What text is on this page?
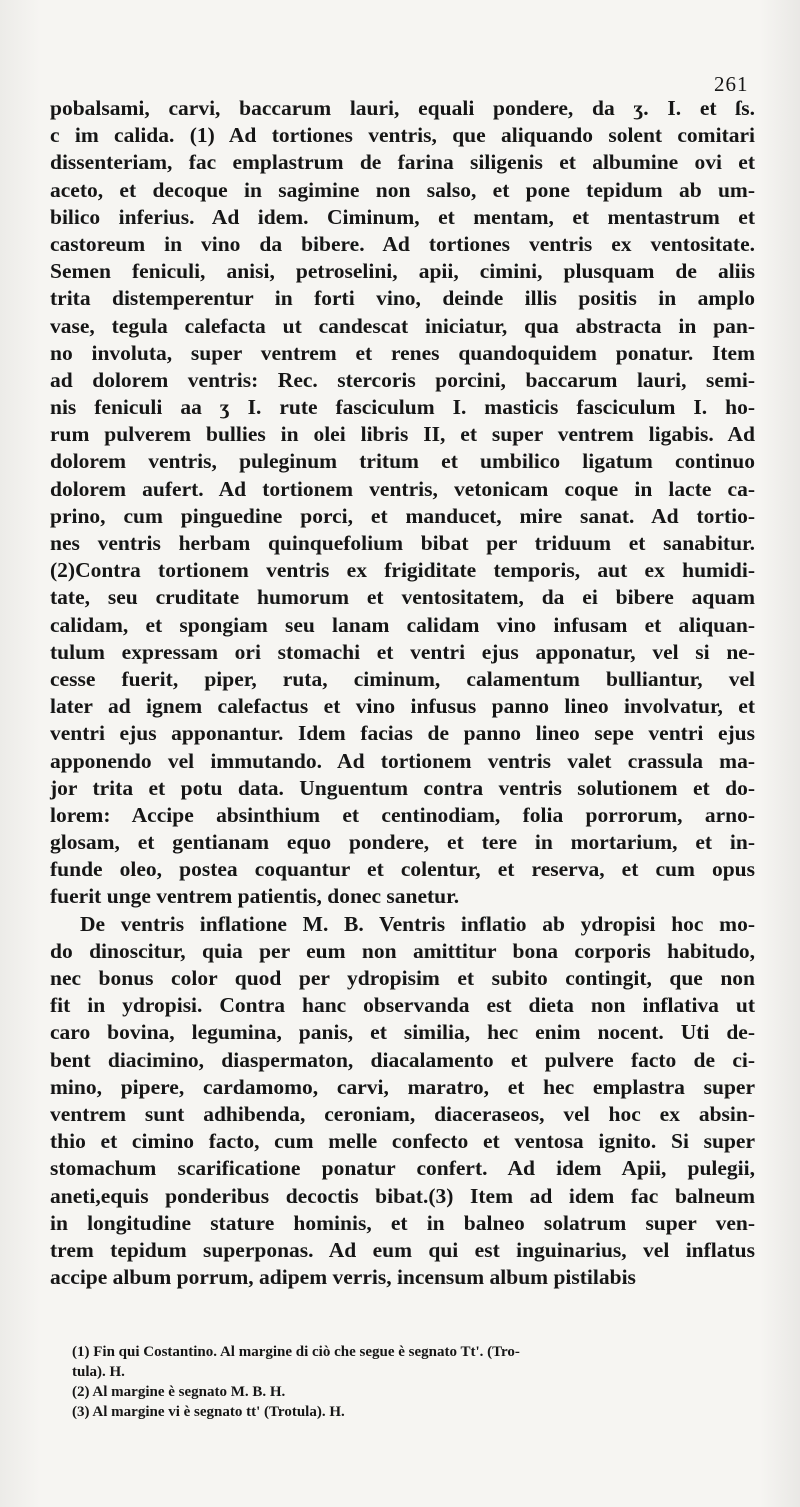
261
pobalsami, carvi, baccarum lauri, equali pondere, da ʒ. I. et ſs.
c im calida. (1) Ad tortiones ventris, que aliquando solent comitari
dissenteriam, fac emplastrum de farina siligenis et albumine ovi et
aceto, et decoque in sagimine non salso, et pone tepidum ab um-
bilico inferius. Ad idem. Ciminum, et mentam, et mentastrum et
castoreum in vino da bibere. Ad tortiones ventris ex ventositate.
Semen feniculi, anisi, petroselini, apii, cimini, plusquam de aliis
trita distemperentur in forti vino, deinde illis positis in amplo
vase, tegula calefacta ut candescat iniciatur, qua abstracta in pan-
no involuta, super ventrem et renes quandoquidem ponatur. Item
ad dolorem ventris: Rec. stercoris porcini, baccarum lauri, semi-
nis feniculi aa ʒ I. rute fasciculum I. masticis fasciculum I. ho-
rum pulverem bullies in olei libris II, et super ventrem ligabis. Ad
dolorem ventris, puleginum tritum et umbilico ligatum continuo
dolorem aufert. Ad tortionem ventris, vetonicam coque in lacte ca-
prino, cum pinguedine porci, et manducet, mire sanat. Ad tortio-
nes ventris herbam quinquefolium bibat per triduum et sanabitur.
(2)Contra tortionem ventris ex frigiditate temporis, aut ex humidi-
tate, seu cruditate humorum et ventositatem, da ei bibere aquam
calidam, et spongiam seu lanam calidam vino infusam et aliquan-
tulum expressam ori stomachi et ventri ejus apponatur, vel si ne-
cesse fuerit, piper, ruta, ciminum, calamentum bulliantur, vel
later ad ignem calefactus et vino infusus panno lineo involvatur, et
ventri ejus apponantur. Idem facias de panno lineo sepe ventri ejus
apponendo vel immutando. Ad tortionem ventris valet crassula ma-
jor trita et potu data. Unguentum contra ventris solutionem et do-
lorem: Accipe absinthium et centinodiam, folia porrorum, arno-
glosam, et gentianam equo pondere, et tere in mortarium, et in-
funde oleo, postea coquantur et colentur, et reserva, et cum opus
fuerit unge ventrem patientis, donec sanetur.
De ventris inflatione M. B. Ventris inflatio ab ydropisi hoc mo-
do dinoscitur, quia per eum non amittitur bona corporis habitudo,
nec bonus color quod per ydropisim et subito contingit, que non
fit in ydropisi. Contra hanc observanda est dieta non inflativa ut
caro bovina, legumina, panis, et similia, hec enim nocent. Uti de-
bent diacimino, diaspermaton, diacalamento et pulvere facto de ci-
mino, pipere, cardamomo, carvi, maratro, et hec emplastra super
ventrem sunt adhibenda, ceroniam, diaceraseos, vel hoc ex absin-
thio et cimino facto, cum melle confecto et ventosa ignito. Si super
stomachum scarificatione ponatur confert. Ad idem Apii, pulegii,
aneti,equis ponderibus decoctis bibat.(3) Item ad idem fac balneum
in longitudine stature hominis, et in balneo solatrum super ven-
trem tepidum superponas. Ad eum qui est inguinarius, vel inflatus
accipe album porrum, adipem verris, incensum album pistilabis
(1) Fin qui Costantino. Al margine di ciò che segue è segnato Tt'. (Tro-
tula). H.
(2) Al margine è segnato M. B. H.
(3) Al margine vi è segnato tt' (Trotula). H.
